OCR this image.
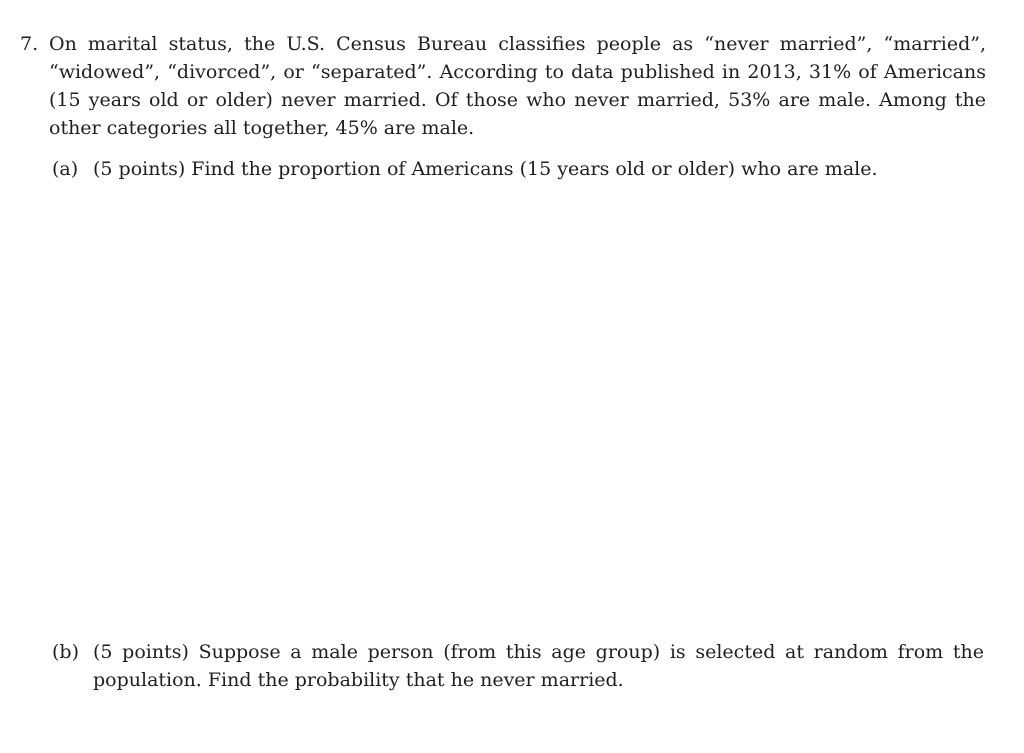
7. On marital status, the U.S. Census Bureau classifies people as “never married”, “married”, “widowed”, “divorced”, or “separated”. According to data published in 2013, 31% of Americans (15 years old or older) never married. Of those who never married, 53% are male. Among the other categories all together, 45% are male.
(a) (5 points) Find the proportion of Americans (15 years old or older) who are male.
(b) (5 points) Suppose a male person (from this age group) is selected at random from the population. Find the probability that he never married.
